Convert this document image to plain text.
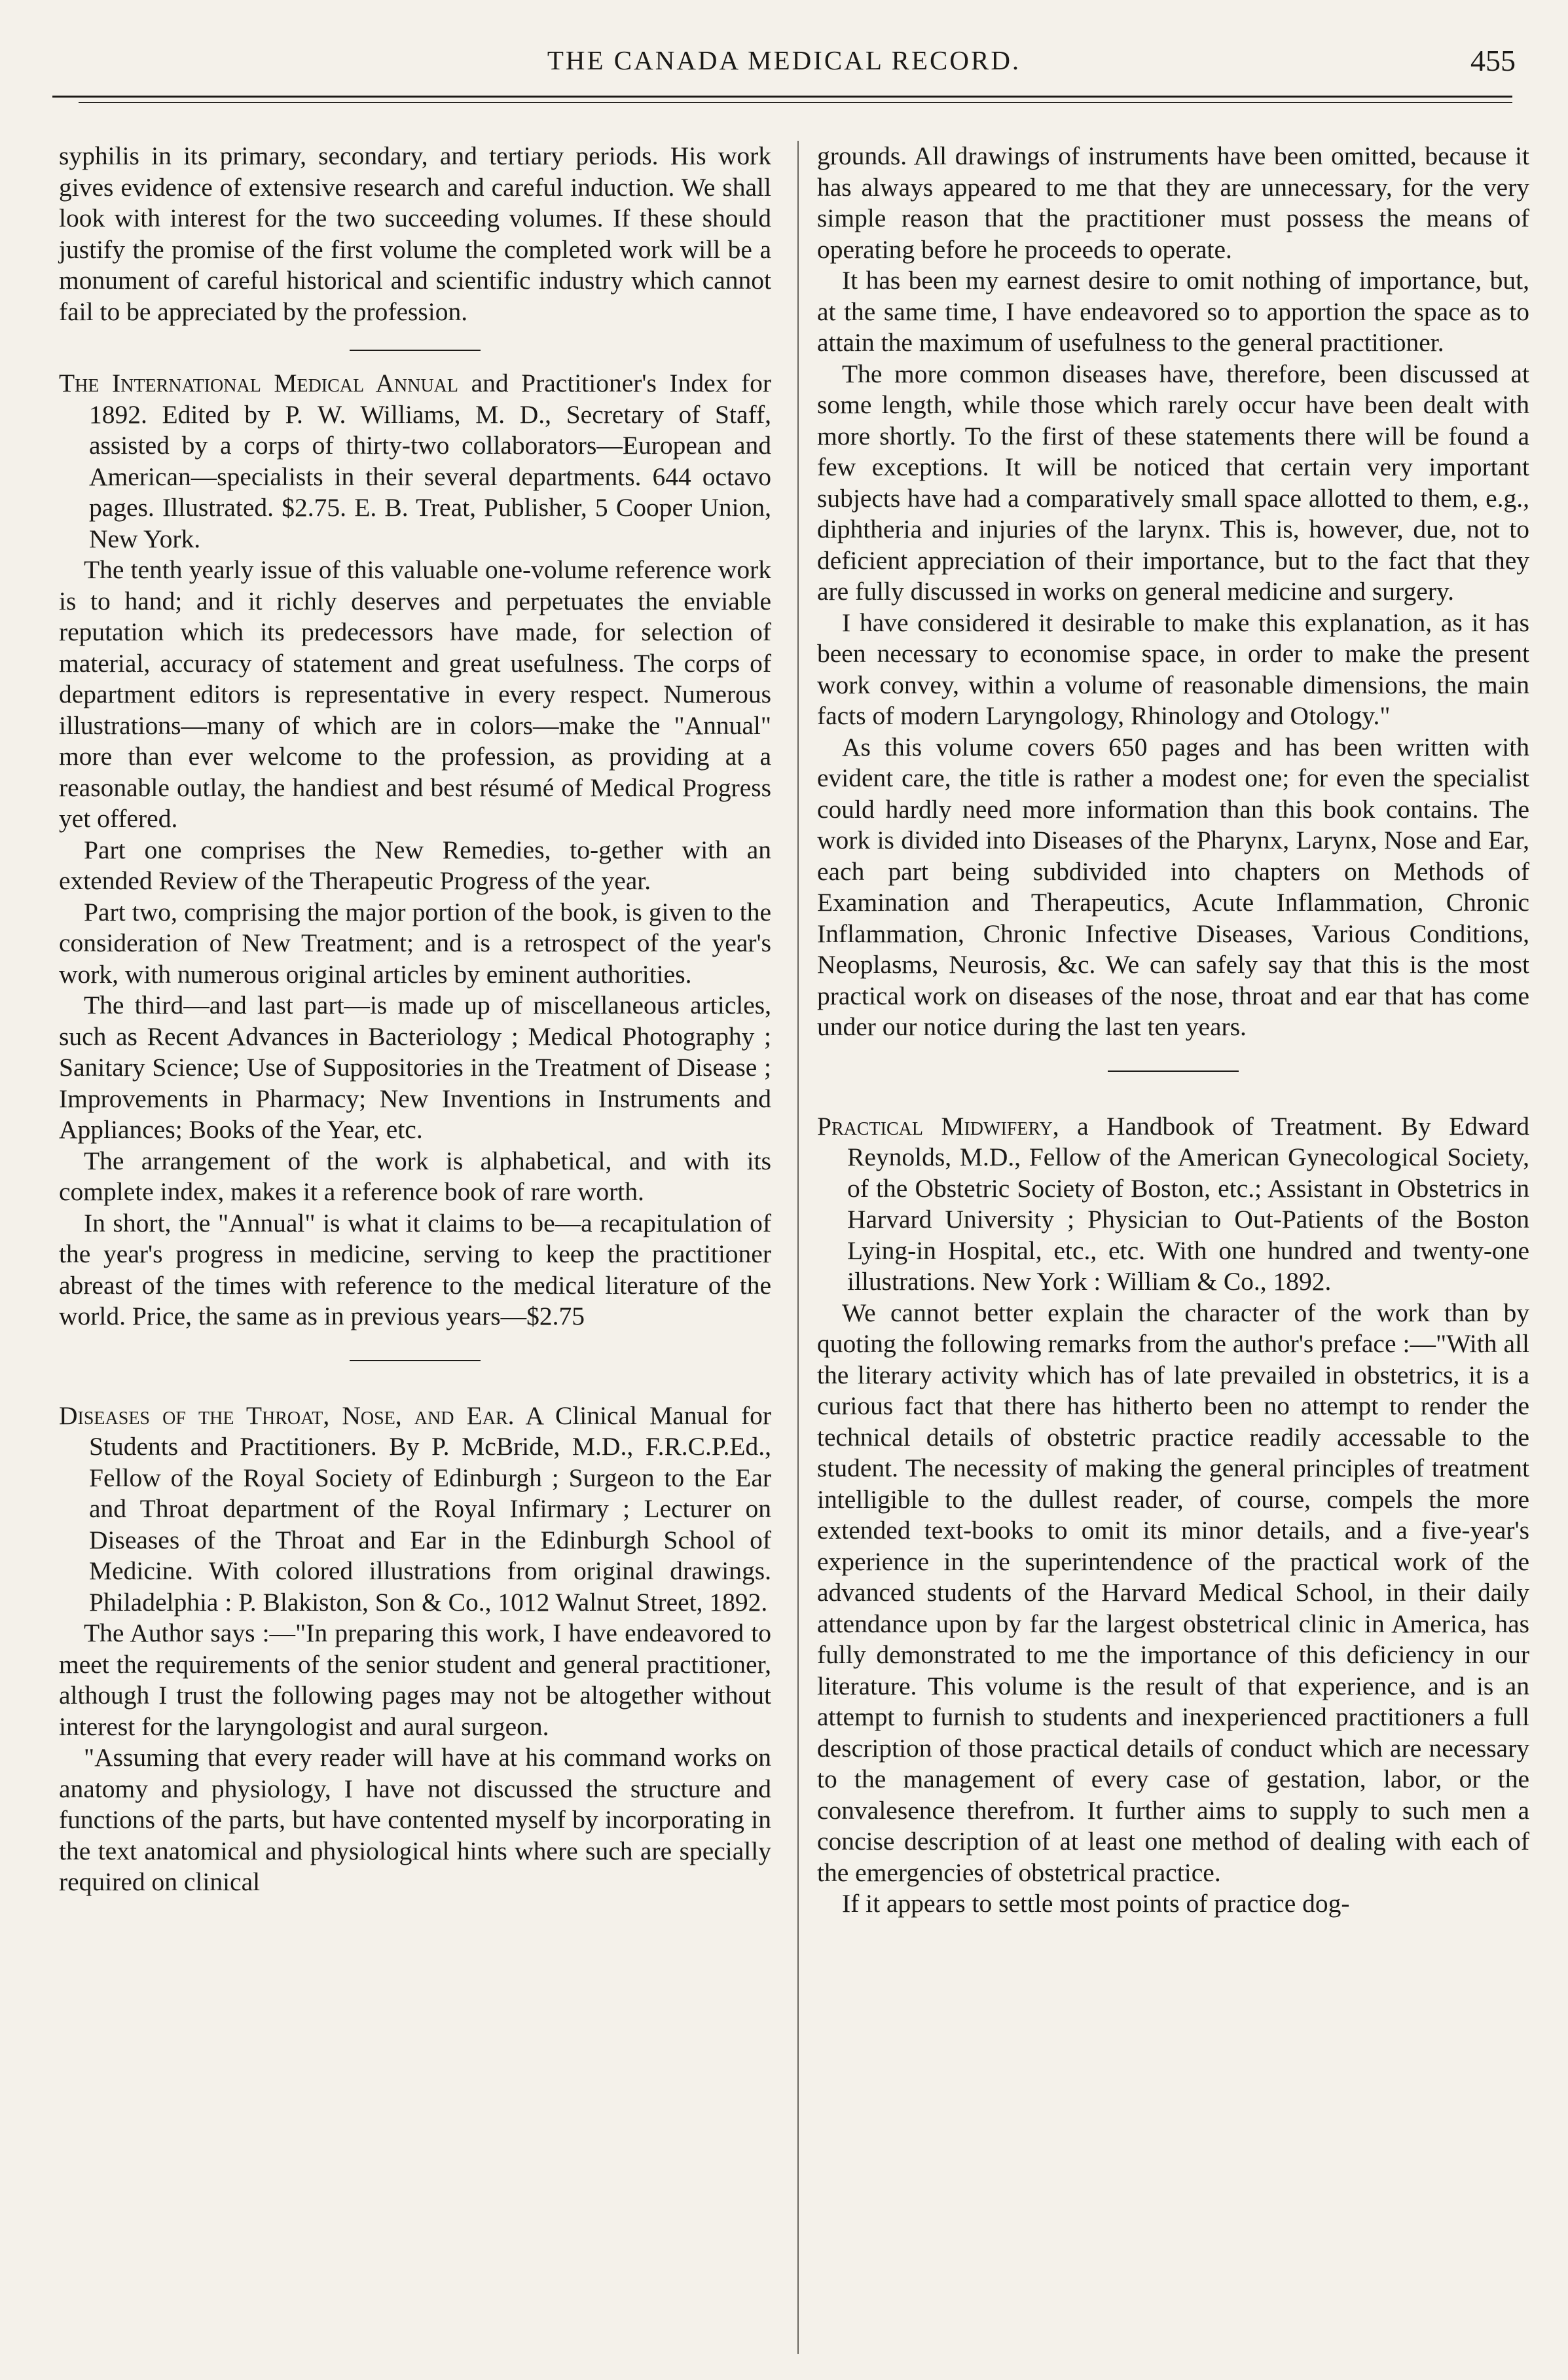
THE CANADA MEDICAL RECORD.	455

syphilis in its primary, secondary, and tertiary periods. His work gives evidence of extensive research and careful induction. We shall look with interest for the two succeeding volumes. If these should justify the promise of the first volume the completed work will be a monument of careful historical and scientific industry which cannot fail to be appreciated by the profession.

The International Medical Annual and Practitioner's Index for 1892. Edited by P. W. Williams, M. D., Secretary of Staff, assisted by a corps of thirty-two collaborators—European and American—specialists in their several departments. 644 octavo pages. Illustrated. $2.75. E. B. Treat, Publisher, 5 Cooper Union, New York.

The tenth yearly issue of this valuable one-volume reference work is to hand; and it richly deserves and perpetuates the enviable reputation which its predecessors have made, for selection of material, accuracy of statement and great usefulness. The corps of department editors is representative in every respect. Numerous illustrations—many of which are in colors—make the "Annual" more than ever welcome to the profession, as providing at a reasonable outlay, the handiest and best résumé of Medical Progress yet offered.

Part one comprises the New Remedies, to-gether with an extended Review of the Therapeutic Progress of the year.

Part two, comprising the major portion of the book, is given to the consideration of New Treatment; and is a retrospect of the year's work, with numerous original articles by eminent authorities.

The third—and last part—is made up of miscellaneous articles, such as Recent Advances in Bacteriology ; Medical Photography ; Sanitary Science; Use of Suppositories in the Treatment of Disease ; Improvements in Pharmacy; New Inventions in Instruments and Appliances; Books of the Year, etc.

The arrangement of the work is alphabetical, and with its complete index, makes it a reference book of rare worth.

In short, the "Annual" is what it claims to be—a recapitulation of the year's progress in medicine, serving to keep the practitioner abreast of the times with reference to the medical literature of the world. Price, the same as in previous years—$2.75

Diseases of the Throat, Nose, and Ear. A Clinical Manual for Students and Practitioners. By P. McBride, M.D., F.R.C.P.Ed., Fellow of the Royal Society of Edinburgh ; Surgeon to the Ear and Throat department of the Royal Infirmary ; Lecturer on Diseases of the Throat and Ear in the Edinburgh School of Medicine. With colored illustrations from original drawings. Philadelphia : P. Blakiston, Son & Co., 1012 Walnut Street, 1892.

The Author says :—"In preparing this work, I have endeavored to meet the requirements of the senior student and general practitioner, although I trust the following pages may not be altogether without interest for the laryngologist and aural surgeon.

"Assuming that every reader will have at his command works on anatomy and physiology, I have not discussed the structure and functions of the parts, but have contented myself by incorporating in the text anatomical and physiological hints where such are specially required on clinical

grounds. All drawings of instruments have been omitted, because it has always appeared to me that they are unnecessary, for the very simple reason that the practitioner must possess the means of operating before he proceeds to operate.

It has been my earnest desire to omit nothing of importance, but, at the same time, I have endeavored so to apportion the space as to attain the maximum of usefulness to the general practitioner.

The more common diseases have, therefore, been discussed at some length, while those which rarely occur have been dealt with more shortly. To the first of these statements there will be found a few exceptions. It will be noticed that certain very important subjects have had a comparatively small space allotted to them, e.g., diphtheria and injuries of the larynx. This is, however, due, not to deficient appreciation of their importance, but to the fact that they are fully discussed in works on general medicine and surgery.

I have considered it desirable to make this explanation, as it has been necessary to economise space, in order to make the present work convey, within a volume of reasonable dimensions, the main facts of modern Laryngology, Rhinology and Otology."

As this volume covers 650 pages and has been written with evident care, the title is rather a modest one; for even the specialist could hardly need more information than this book contains. The work is divided into Diseases of the Pharynx, Larynx, Nose and Ear, each part being subdivided into chapters on Methods of Examination and Therapeutics, Acute Inflammation, Chronic Inflammation, Chronic Infective Diseases, Various Conditions, Neoplasms, Neurosis, &c. We can safely say that this is the most practical work on diseases of the nose, throat and ear that has come under our notice during the last ten years.

Practical Midwifery, a Handbook of Treatment. By Edward Reynolds, M.D., Fellow of the American Gynecological Society, of the Obstetric Society of Boston, etc.; Assistant in Obstetrics in Harvard University ; Physician to Out-Patients of the Boston Lying-in Hospital, etc., etc. With one hundred and twenty-one illustrations. New York : William & Co., 1892.

We cannot better explain the character of the work than by quoting the following remarks from the author's preface :—"With all the literary activity which has of late prevailed in obstetrics, it is a curious fact that there has hitherto been no attempt to render the technical details of obstetric practice readily accessable to the student. The necessity of making the general principles of treatment intelligible to the dullest reader, of course, compels the more extended text-books to omit its minor details, and a five-year's experience in the superintendence of the practical work of the advanced students of the Harvard Medical School, in their daily attendance upon by far the largest obstetrical clinic in America, has fully demonstrated to me the importance of this deficiency in our literature. This volume is the result of that experience, and is an attempt to furnish to students and inexperienced practitioners a full description of those practical details of conduct which are necessary to the management of every case of gestation, labor, or the convalesence therefrom. It further aims to supply to such men a concise description of at least one method of dealing with each of the emergencies of obstetrical practice.

If it appears to settle most points of practice dog-
